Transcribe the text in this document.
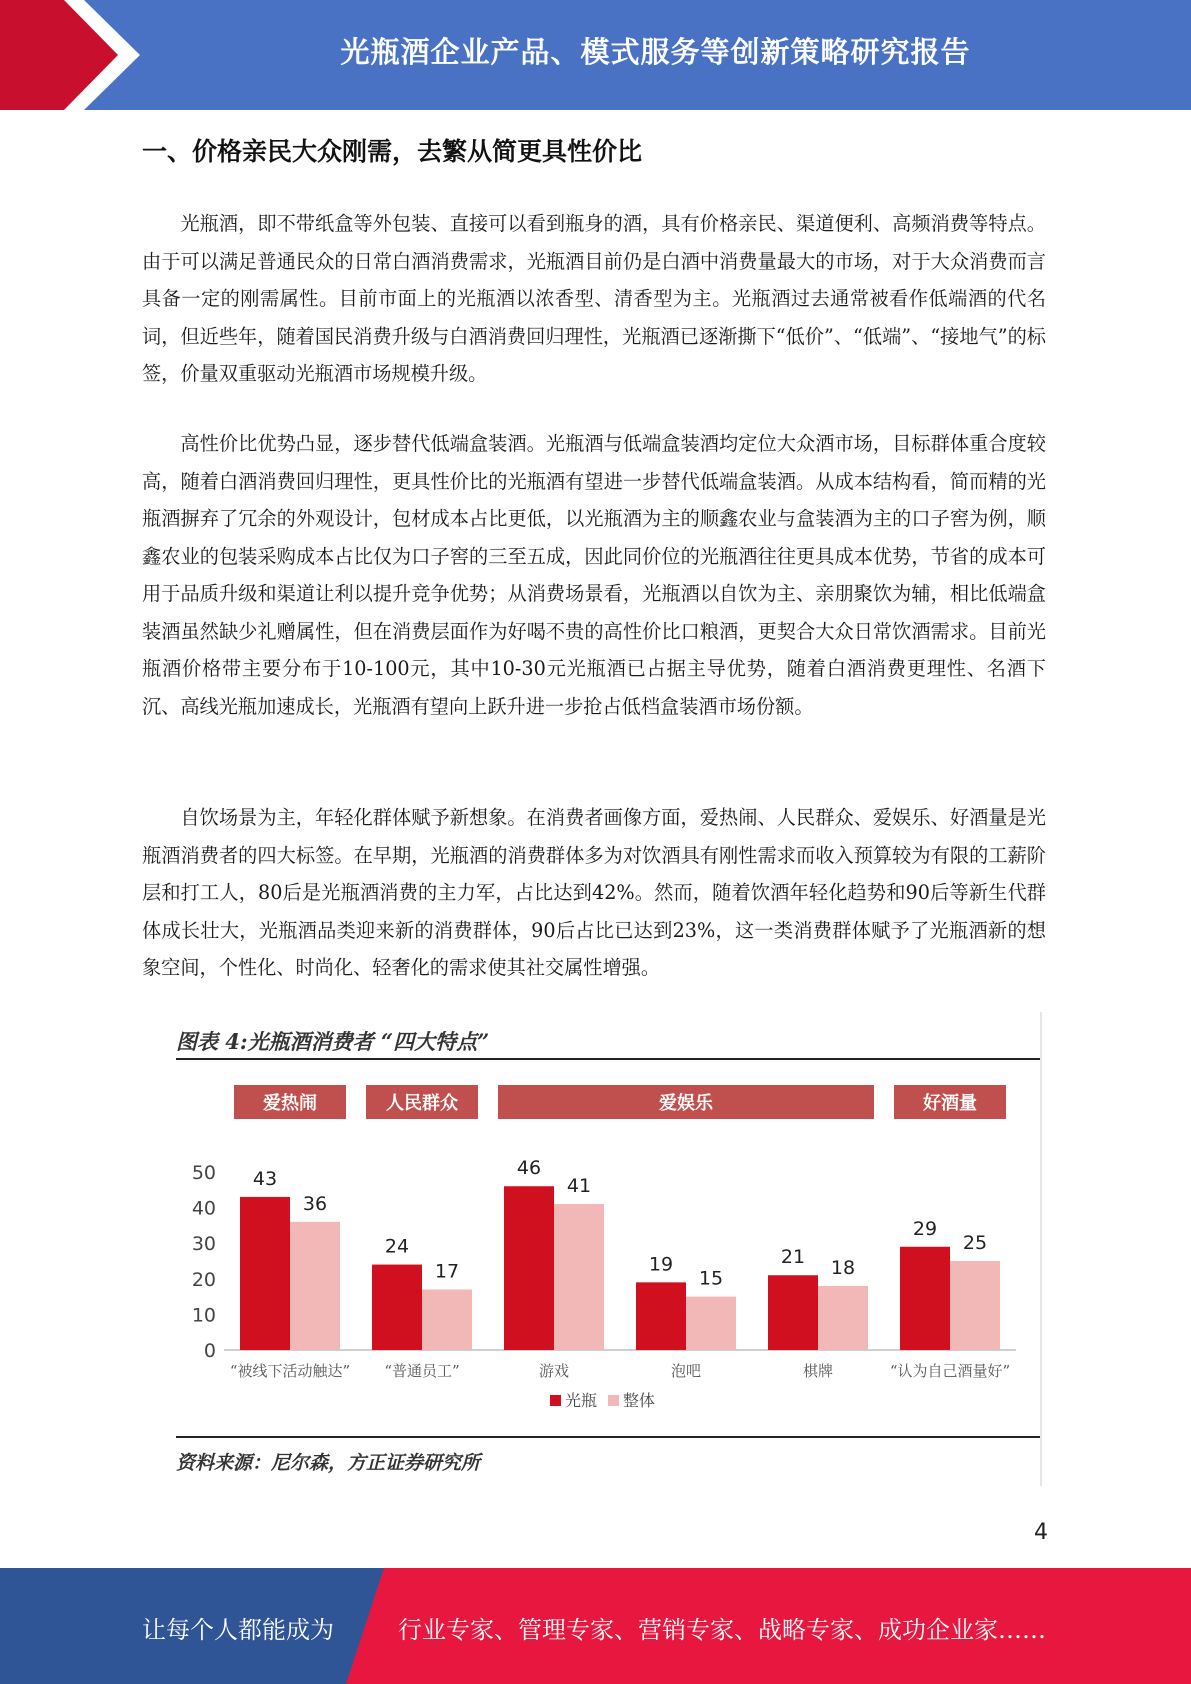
光瓶酒企业产品、模式服务等创新策略研究报告
一、价格亲民大众刚需，去繁从简更具性价比
光瓶酒，即不带纸盒等外包装、直接可以看到瓶身的酒，具有价格亲民、渠道便利、高频消费等特点。由于可以满足普通民众的日常白酒消费需求，光瓶酒目前仍是白酒中消费量最大的市场，对于大众消费而言具备一定的刚需属性。目前市面上的光瓶酒以浓香型、清香型为主。光瓶酒过去通常被看作低端酒的代名词，但近些年，随着国民消费升级与白酒消费回归理性，光瓶酒已逐渐撕下“低价”、“低端”、“接地气”的标签，价量双重驱动光瓶酒市场规模升级。
高性价比优势凸显，逐步替代低端盒装酒。光瓶酒与低端盒装酒均定位大众酒市场，目标群体重合度较高，随着白酒消费回归理性，更具性价比的光瓶酒有望进一步替代低端盒装酒。从成本结构看，简而精的光瓶酒摒弃了冗余的外观设计，包材成本占比更低，以光瓶酒为主的顺鑫农业与盒装酒为主的口子窖为例，顺鑫农业的包装采购成本占比仅为口子窖的三至五成，因此同价位的光瓶酒往往更具成本优势，节省的成本可用于品质升级和渠道让利以提升竞争优势；从消费场景看，光瓶酒以自饮为主、亲朋聚饮为辅，相比低端盒装酒虽然缺少礼赠属性，但在消费层面作为好喝不贵的高性价比口粮酒，更契合大众日常饮酒需求。目前光瓶酒价格带主要分布于10-100元，其中10-30元光瓶酒已占据主导优势，随着白酒消费更理性、名酒下沉、高线光瓶加速成长，光瓶酒有望向上跃升进一步抢占低档盒装酒市场份额。
自饮场景为主，年轻化群体赋予新想象。在消费者画像方面，爱热闹、人民群众、爱娱乐、好酒量是光瓶酒消费者的四大标签。在早期，光瓶酒的消费群体多为对饮酒具有刚性需求而收入预算较为有限的工薪阶层和打工人，80后是光瓶酒消费的主力军，占比达到42%。然而，随着饮酒年轻化趋势和90后等新生代群体成长壮大，光瓶酒品类迎来新的消费群体，90后占比已达到23%，这一类消费群体赋予了光瓶酒新的想象空间，个性化、时尚化、轻奢化的需求使其社交属性增强。
图表 4:光瓶酒消费者 “四大特点”
爱热闹	人民群众	爱娱乐	好酒量
0
10
20
30
40
50 43
36
“被线下活动触达”
24
17
“普通员工”
46
41
游戏
19
15
泡吧
21 18
棋牌
29
25
“认为自己酒量好”
光瓶 整体
资料来源：尼尔森，方正证券研究所
4
让每个人都能成为	行业专家、管理专家、营销专家、战略专家、成功企业家……
